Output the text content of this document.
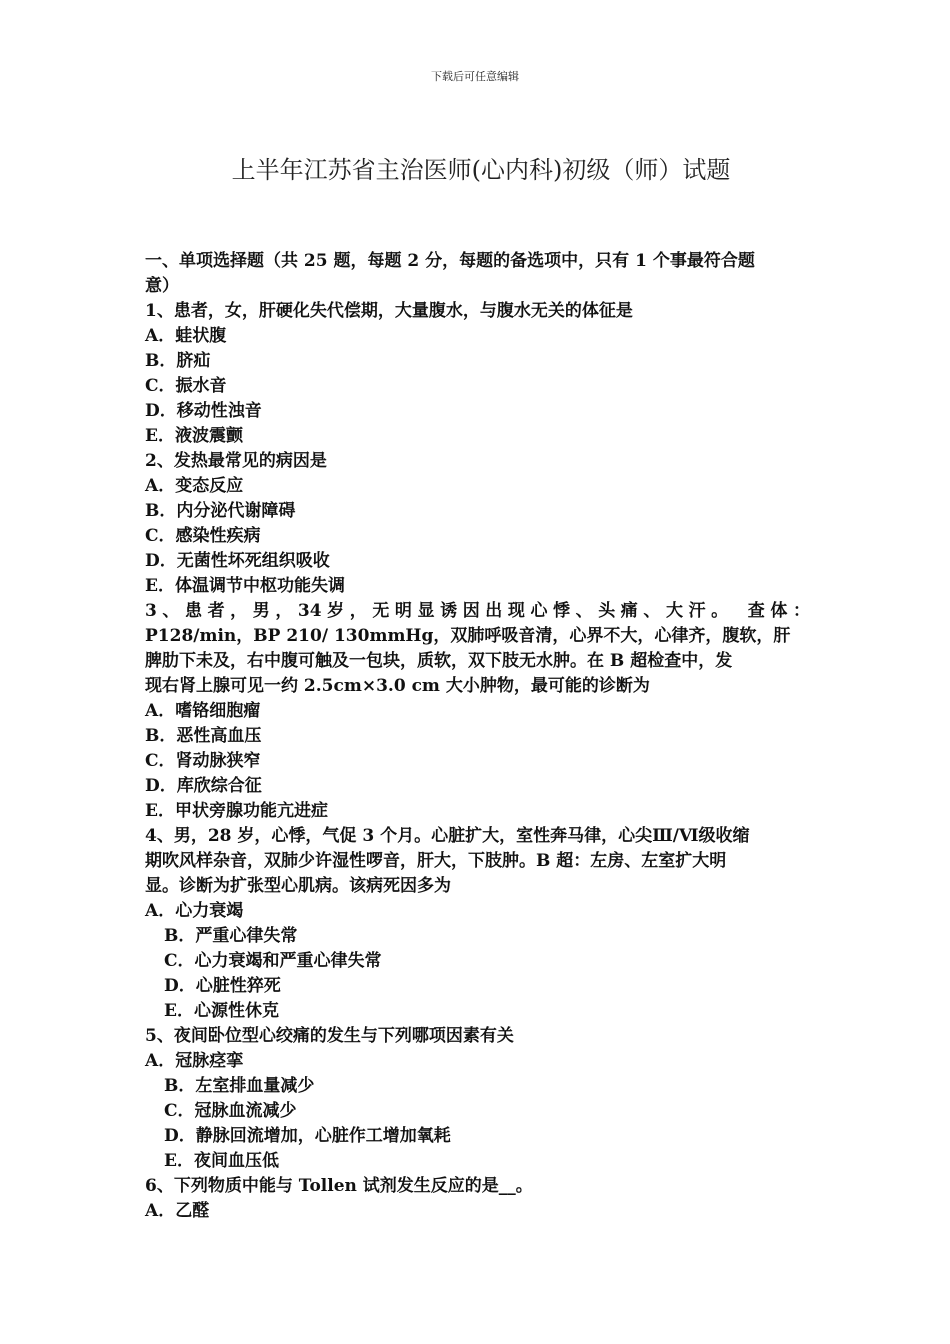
下载后可任意编辑
上半年江苏省主治医师(心内科)初级（师）试题
一、单项选择题（共 25 题，每题 2 分，每题的备选项中，只有 1 个事最符合题
意）
1、患者，女，肝硬化失代偿期，大量腹水，与腹水无关的体征是
A．蛙状腹
B．脐疝
C．振水音
D．移动性浊音
E．液波震颤
2、发热最常见的病因是
A．变态反应
B．内分泌代谢障碍
C．感染性疾病
D．无菌性坏死组织吸收
E．体温调节中枢功能失调
3、患者，男，34岁，无明显诱因出现心悸、头痛、大汗。　查体：
P128/min，BP 210/ 130mmHg，双肺呼吸音清，心界不大，心律齐，腹软，肝
脾肋下未及，右中腹可触及一包块，质软，双下肢无水肿。在 B 超检查中，发
现右肾上腺可见一约 2.5cm×3.0 cm 大小肿物，最可能的诊断为
A．嗜铬细胞瘤
B．恶性高血压
C．肾动脉狭窄
D．库欣综合征
E．甲状旁腺功能亢进症
4、男，28 岁，心悸，气促 3 个月。心脏扩大，室性奔马律，心尖Ⅲ/Ⅵ级收缩
期吹风样杂音，双肺少许湿性啰音，肝大，下肢肿。B 超：左房、左室扩大明
显。诊断为扩张型心肌病。该病死因多为
A．心力衰竭
B．严重心律失常
C．心力衰竭和严重心律失常
D．心脏性猝死
E．心源性休克
5、夜间卧位型心绞痛的发生与下列哪项因素有关
A．冠脉痉挛
B．左室排血量减少
C．冠脉血流减少
D．静脉回流增加，心脏作工增加氧耗
E．夜间血压低
6、下列物质中能与 Tollen 试剂发生反应的是__。
A．乙醛
